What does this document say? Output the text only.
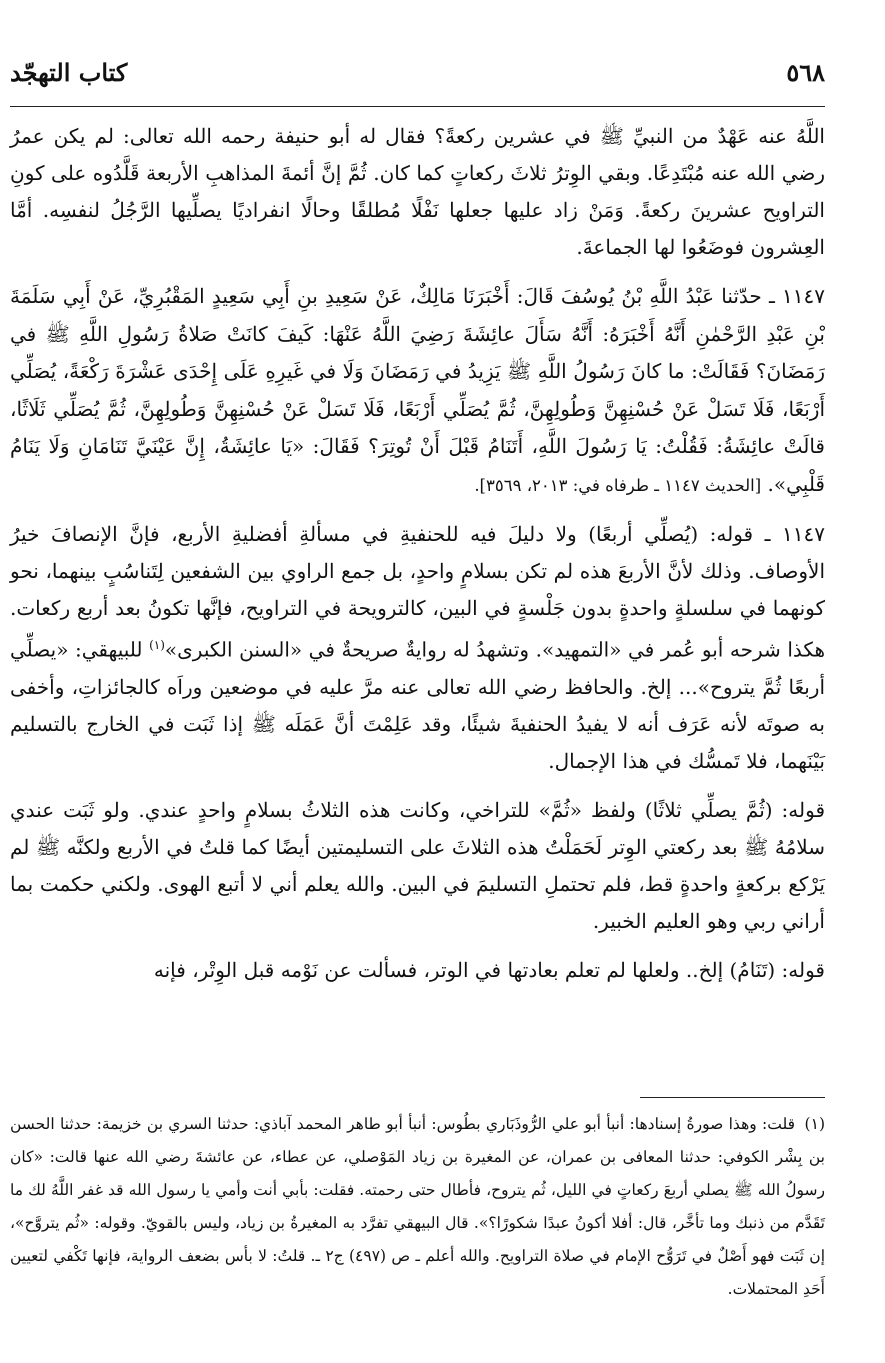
كتاب التهجّد	٥٦٨

اللَّهُ عنه عَهْدٌ من النبيِّ ﷺ في عشرين ركعةً؟ فقال له أبو حنيفة رحمه الله تعالى: لم يكن عمرُ رضي الله عنه مُبْتَدِعًا. وبقي الوِترُ ثلاثَ ركعاتٍ كما كان. ثُمَّ إنَّ أئمةَ المذاهبِ الأربعة قَلَّدُوه على كونِ التراويح عشرينَ ركعةً. وَمَنْ زاد عليها جعلها نَفْلًا مُطلقًا وحالًا انفراديًا يصلِّيها الرَّجُلُ لنفسِه. أمَّا العِشرون فوضَعُوا لها الجماعةَ.

١١٤٧ ـ حدّثنا عَبْدُ اللَّهِ بْنُ يُوسُفَ قَالَ: أَخْبَرَنَا مَالِكٌ، عَنْ سَعِيدِ بنِ أَبِي سَعِيدٍ المَقْبُرِيِّ، عَنْ أَبِي سَلَمَةَ بْنِ عَبْدِ الرَّحْمٰنِ أَنَّهُ أَخْبَرَهُ: أَنَّهُ سَأَلَ عائِشَةَ رَضِيَ اللَّهُ عَنْهَا: كَيفَ كانَتْ صَلاةُ رَسُولِ اللَّهِ ﷺ في رَمَضَانَ؟ فَقَالَتْ: ما كانَ رَسُولُ اللَّهِ ﷺ يَزِيدُ في رَمَضَانَ وَلَا في غَيرِهِ عَلَى إِحْدَى عَشْرَةَ رَكْعَةً، يُصَلِّي أَرْبَعًا، فَلَا تَسَلْ عَنْ حُسْنِهِنَّ وَطُولِهِنَّ، ثُمَّ يُصَلِّي أَرْبَعًا، فَلَا تَسَلْ عَنْ حُسْنِهِنَّ وَطُولِهِنَّ، ثُمَّ يُصَلِّي ثَلَاثًا، قالَتْ عائِشَةُ: فَقُلْتُ: يَا رَسُولَ اللَّهِ، أَتَنَامُ قَبْلَ أَنْ تُوتِرَ؟ فَقَالَ: «يَا عائِشَةُ، إِنَّ عَيْنَيَّ تَنَامَانِ وَلَا يَنَامُ قَلْبِي». [الحديث ١١٤٧ ـ طرفاه في: ٢٠١٣، ٣٥٦٩].

١١٤٧ ـ قوله: (يُصلِّي أربعًا) ولا دليلَ فيه للحنفيةِ في مسألةِ أفضليةِ الأربع، فإنَّ الإنصافَ خيرُ الأوصاف. وذلك لأنَّ الأربعَ هذه لم تكن بسلامٍ واحدٍ، بل جمع الراوي بين الشفعين لِتَناسُبٍ بينهما، نحو كونهما في سلسلةٍ واحدةٍ بدون جَلْسةٍ في البين، كالترويحة في التراويح، فإنَّها تكونُ بعد أربع ركعات. هكذا شرحه أبو عُمر في «التمهيد». وتشهدُ له روايةٌ صريحةٌ في «السنن الكبرى»$^{(١)}$ للبيهقي: «يصلِّي أربعًا ثُمَّ يتروح»... إلخ. والحافظ رضي الله تعالى عنه مرَّ عليه في موضعين وراَه كالجائزاتِ، وأخفى به صوتَه لأنه عَرَف أنه لا يفيدُ الحنفيةَ شيئًا، وقد عَلِمْتَ أنَّ عَمَلَه ﷺ إذا ثَبَت في الخارج بالتسليم بَيْنَهما، فلا تَمسُّك في هذا الإجمال.

قوله: (ثُمَّ يصلِّي ثلاثًا) ولفظ «ثُمَّ» للتراخي، وكانت هذه الثلاثُ بسلامٍ واحدٍ عندي. ولو ثَبَت عندي سلامُهُ ﷺ بعد ركعتي الوِتر لَحَمَلْتُ هذه الثلاثَ على التسليمتين أيضًا كما قلتُ في الأربع ولكنَّه ﷺ لم يَرْكع بركعةٍ واحدةٍ قط، فلم تحتملِ التسليمَ في البين. والله يعلم أني لا أتبع الهوى. ولكني حكمت بما أراني ربي وهو العليم الخبير.

قوله: (تَنَامُ) إلخ.. ولعلها لم تعلم بعادتها في الوتر، فسألت عن نَوْمه قبل الوِتْر، فإنه

(١)قلت: وهذا صورةُ إسنادها: أنبأ أبو علي الرُّوذَبَاري بطُوس: أنبأ أبو طاهر المحمد آباذي: حدثنا السري بن خزيمة: حدثنا الحسن بن بِشْر الكوفي: حدثنا المعافى بن عمران، عن المغيرة بن زياد المَوْصلي، عن عطاء، عن عائشةَ رضي الله عنها قالت: «كان رسولُ الله ﷺ يصلي أربعَ ركعاتٍ في الليل، ثُم يتروح، فأطال حتى رحمته. فقلت: بأبي أنت وأمي يا رسول الله قد غفر اللَّهُ لك ما تَقَدَّم من ذنبك وما تأخَّر، قال: أفلا أكونُ عبدًا شكورًا؟». قال البيهقي تفرَّد به المغيرةُ بن زياد، وليس بالقويّ. وقوله: «ثُم يتروَّح»، إن ثَبَت فهو أَصْلٌ في تَرَوُّح الإمام في صلاة التراويح. والله أعلم ـ ص (٤٩٧) ج٢ ـ. قلتُ: لا بأس بضعف الرواية، فإنها تَكْفي لتعيين أَحَدِ المحتملات.
